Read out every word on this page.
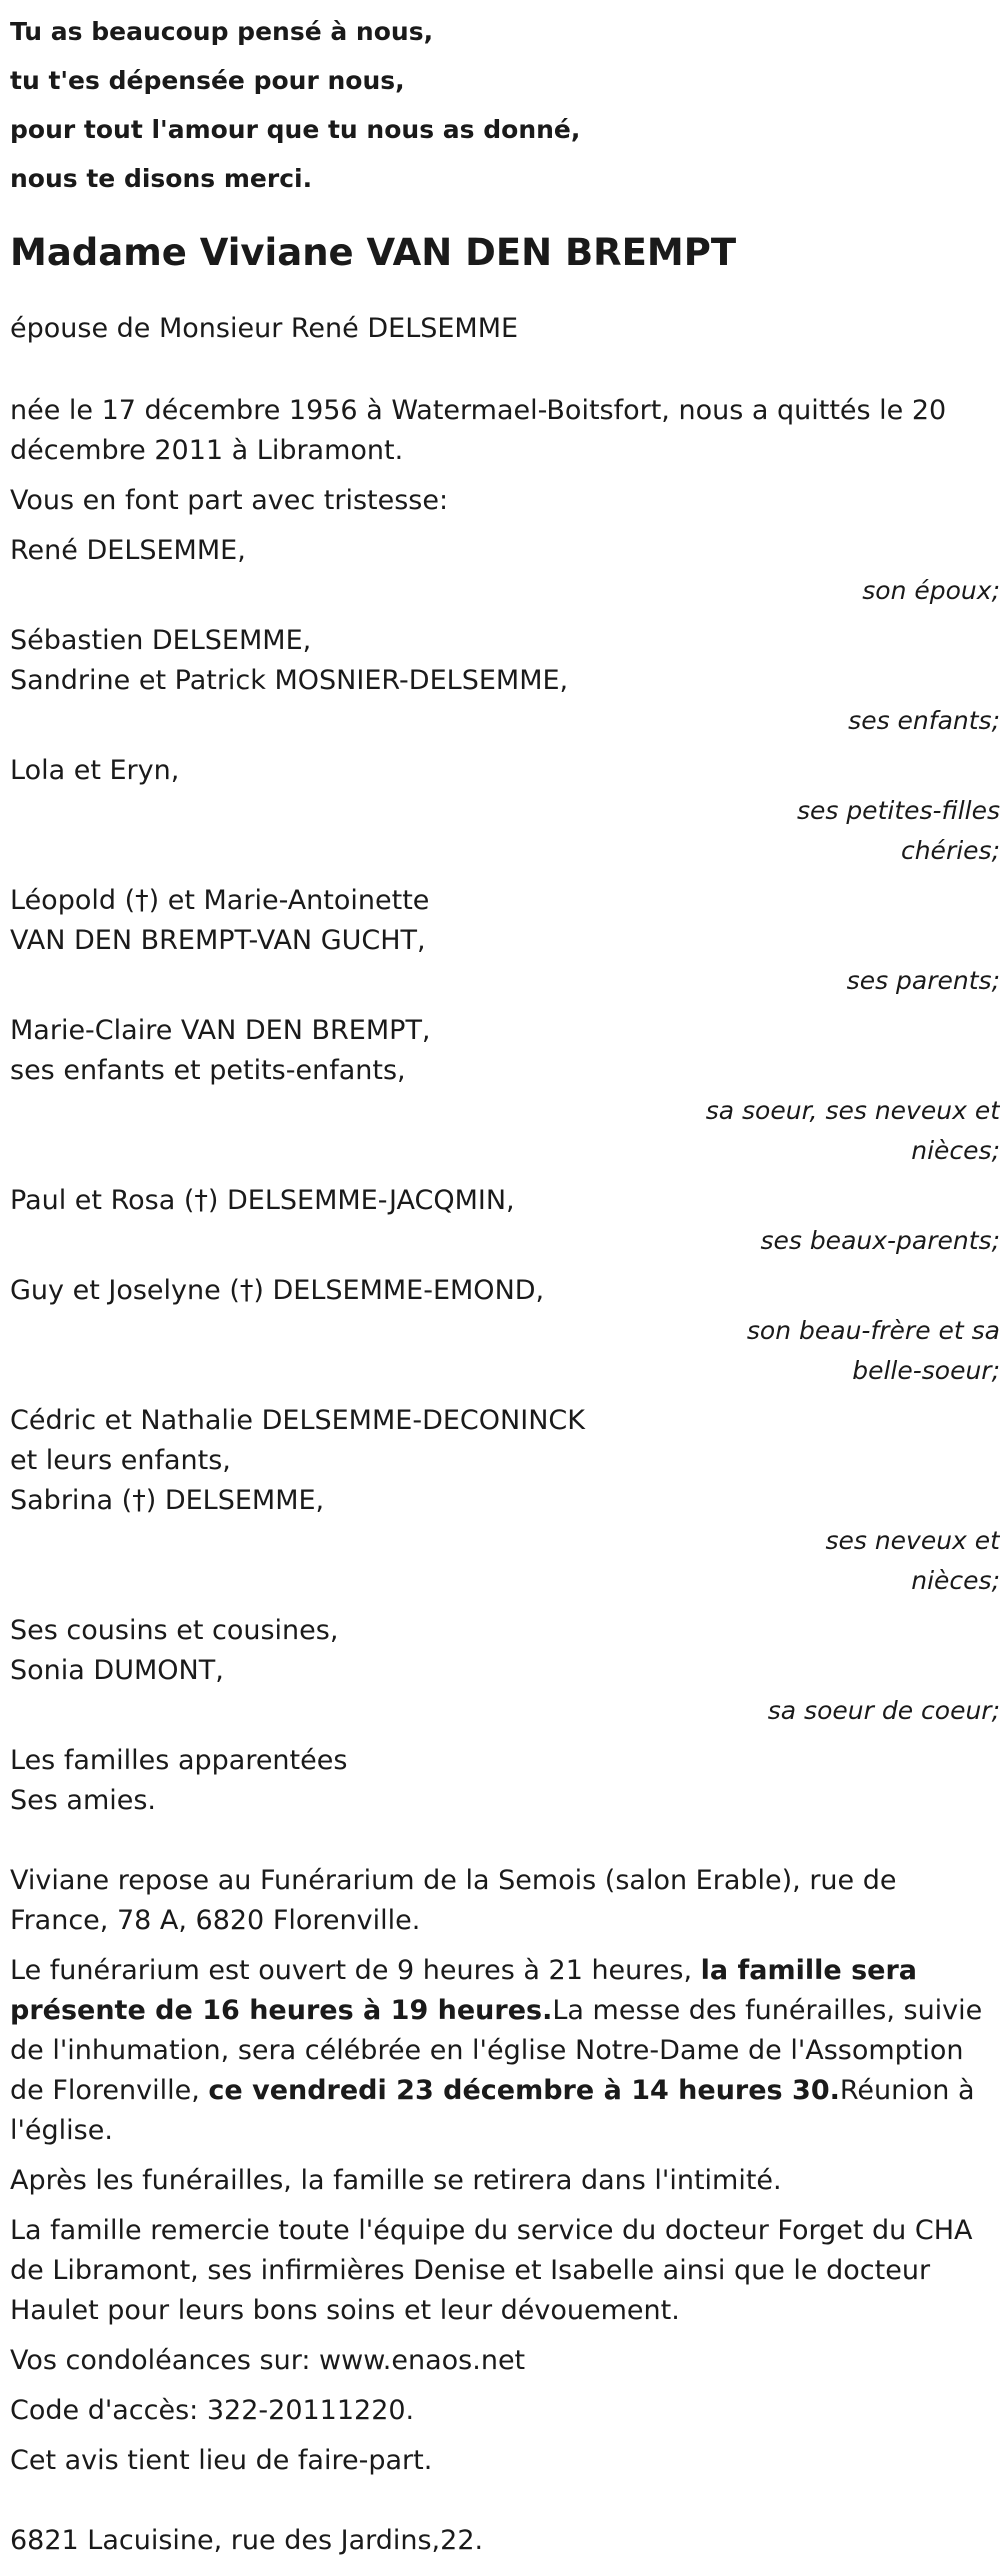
Tu as beaucoup pensé à nous,
tu t'es dépensée pour nous,
pour tout l'amour que tu nous as donné,
nous te disons merci.
Madame Viviane VAN DEN BREMPT

épouse de Monsieur René DELSEMME

née le 17 décembre 1956 à Watermael-Boitsfort, nous a quittés le 20 décembre 2011 à Libramont.

Vous en font part avec tristesse:

René DELSEMME,
son époux;
Sébastien DELSEMME,
Sandrine et Patrick MOSNIER-DELSEMME,
ses enfants;
Lola et Eryn,
ses petites-filles chéries;
Léopold (†) et Marie-Antoinette
VAN DEN BREMPT-VAN GUCHT,
ses parents;
Marie-Claire VAN DEN BREMPT,
ses enfants et petits-enfants,
sa soeur, ses neveux et nièces;
Paul et Rosa (†) DELSEMME-JACQMIN,
ses beaux-parents;
Guy et Joselyne (†) DELSEMME-EMOND,
son beau-frère et sa belle-soeur;
Cédric et Nathalie DELSEMME-DECONINCK
et leurs enfants,
Sabrina (†) DELSEMME,
ses neveux et nièces;
Ses cousins et cousines,
Sonia DUMONT,
sa soeur de coeur;
Les familles apparentées
Ses amies.

Viviane repose au Funérarium de la Semois (salon Erable), rue de France, 78 A, 6820 Florenville.

Le funérarium est ouvert de 9 heures à 21 heures, la famille sera présente de 16 heures à 19 heures.La messe des funérailles, suivie de l'inhumation, sera célébrée en l'église Notre-Dame de l'Assomption de Florenville, ce vendredi 23 décembre à 14 heures 30.Réunion à l'église.

Après les funérailles, la famille se retirera dans l'intimité.

La famille remercie toute l'équipe du service du docteur Forget du CHA de Libramont, ses infirmières Denise et Isabelle ainsi que le docteur Haulet pour leurs bons soins et leur dévouement.

Vos condoléances sur: www.enaos.net

Code d'accès: 322-20111220.

Cet avis tient lieu de faire-part.

6821 Lacuisine, rue des Jardins,22.
